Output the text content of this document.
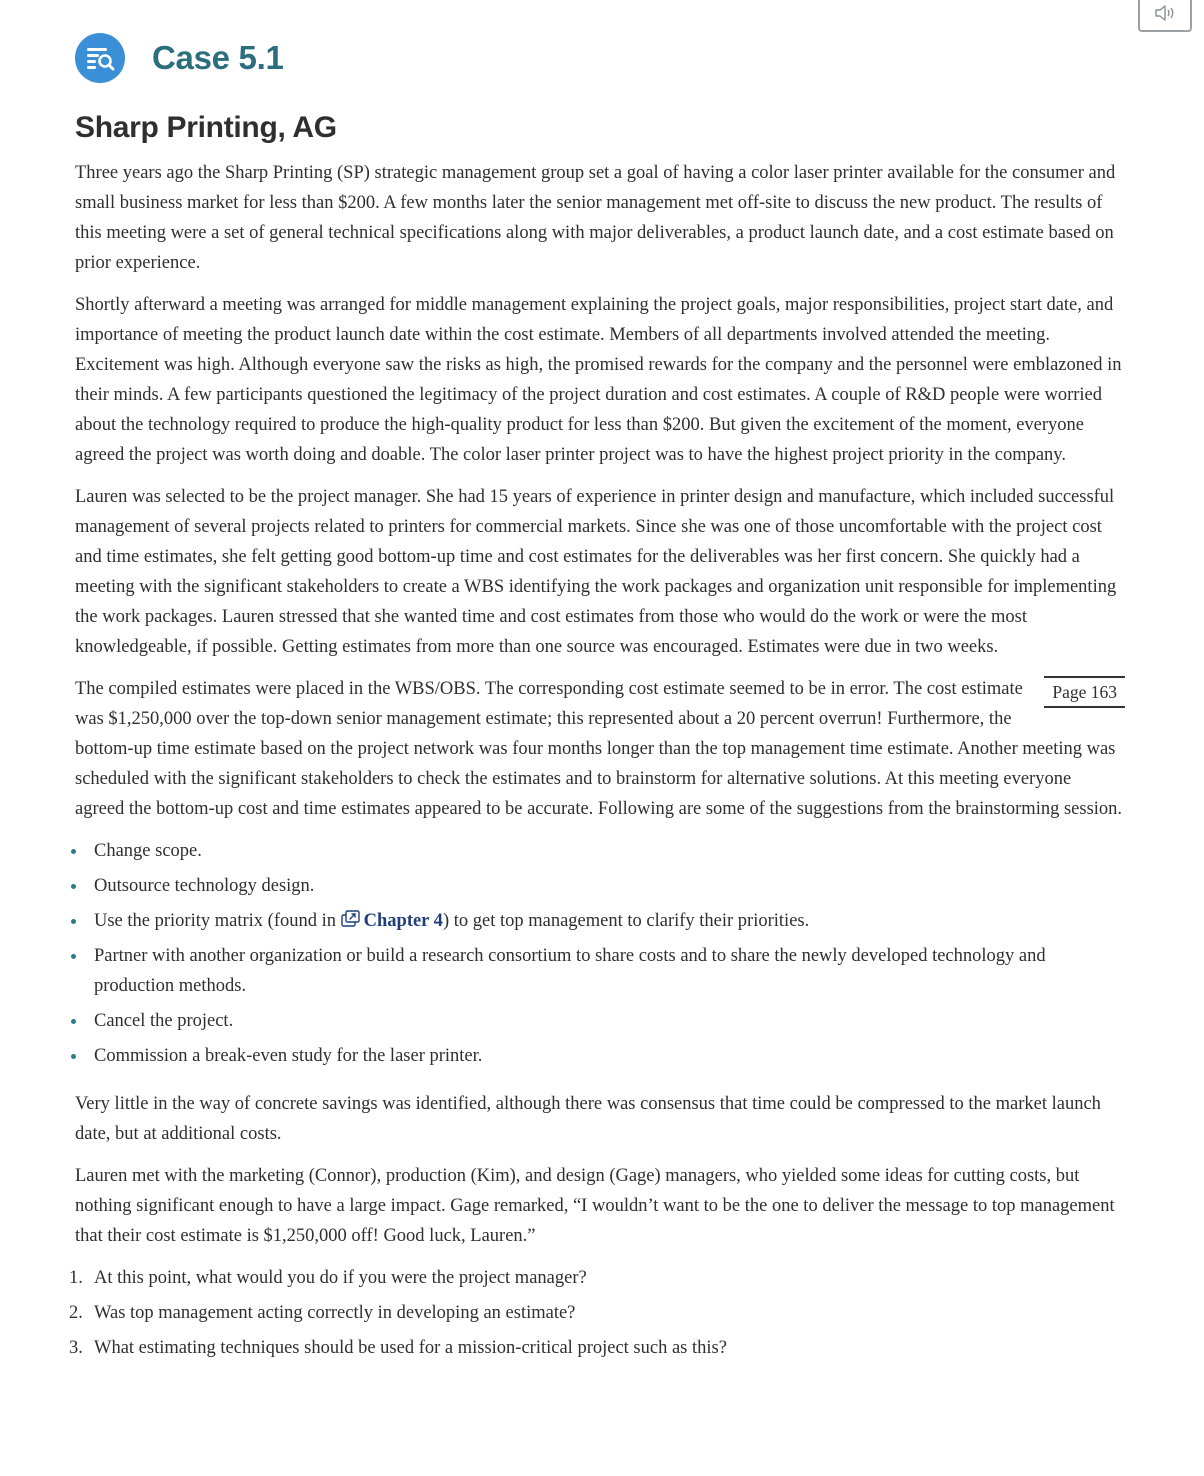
Case 5.1
Sharp Printing, AG

Three years ago the Sharp Printing (SP) strategic management group set a goal of having a color laser printer available for the consumer and small business market for less than $200. A few months later the senior management met off-site to discuss the new product. The results of this meeting were a set of general technical specifications along with major deliverables, a product launch date, and a cost estimate based on prior experience.

Shortly afterward a meeting was arranged for middle management explaining the project goals, major responsibilities, project start date, and importance of meeting the product launch date within the cost estimate. Members of all departments involved attended the meeting. Excitement was high. Although everyone saw the risks as high, the promised rewards for the company and the personnel were emblazoned in their minds. A few participants questioned the legitimacy of the project duration and cost estimates. A couple of R&D people were worried about the technology required to produce the high-quality product for less than $200. But given the excitement of the moment, everyone agreed the project was worth doing and doable. The color laser printer project was to have the highest project priority in the company.

Lauren was selected to be the project manager. She had 15 years of experience in printer design and manufacture, which included successful management of several projects related to printers for commercial markets. Since she was one of those uncomfortable with the project cost and time estimates, she felt getting good bottom-up time and cost estimates for the deliverables was her first concern. She quickly had a meeting with the significant stakeholders to create a WBS identifying the work packages and organization unit responsible for implementing the work packages. Lauren stressed that she wanted time and cost estimates from those who would do the work or were the most knowledgeable, if possible. Getting estimates from more than one source was encouraged. Estimates were due in two weeks.

Page 163
The compiled estimates were placed in the WBS/OBS. The corresponding cost estimate seemed to be in error. The cost estimate was $1,250,000 over the top-down senior management estimate; this represented about a 20 percent overrun! Furthermore, the bottom-up time estimate based on the project network was four months longer than the top management time estimate. Another meeting was scheduled with the significant stakeholders to check the estimates and to brainstorm for alternative solutions. At this meeting everyone agreed the bottom-up cost and time estimates appeared to be accurate. Following are some of the suggestions from the brainstorming session.

Change scope.
Outsource technology design.
Use the priority matrix (found in Chapter 4) to get top management to clarify their priorities.
Partner with another organization or build a research consortium to share costs and to share the newly developed technology and production methods.
Cancel the project.
Commission a break-even study for the laser printer.

Very little in the way of concrete savings was identified, although there was consensus that time could be compressed to the market launch date, but at additional costs.

Lauren met with the marketing (Connor), production (Kim), and design (Gage) managers, who yielded some ideas for cutting costs, but nothing significant enough to have a large impact. Gage remarked, “I wouldn’t want to be the one to deliver the message to top management that their cost estimate is $1,250,000 off! Good luck, Lauren.”

1. At this point, what would you do if you were the project manager?
2. Was top management acting correctly in developing an estimate?
3. What estimating techniques should be used for a mission-critical project such as this?
